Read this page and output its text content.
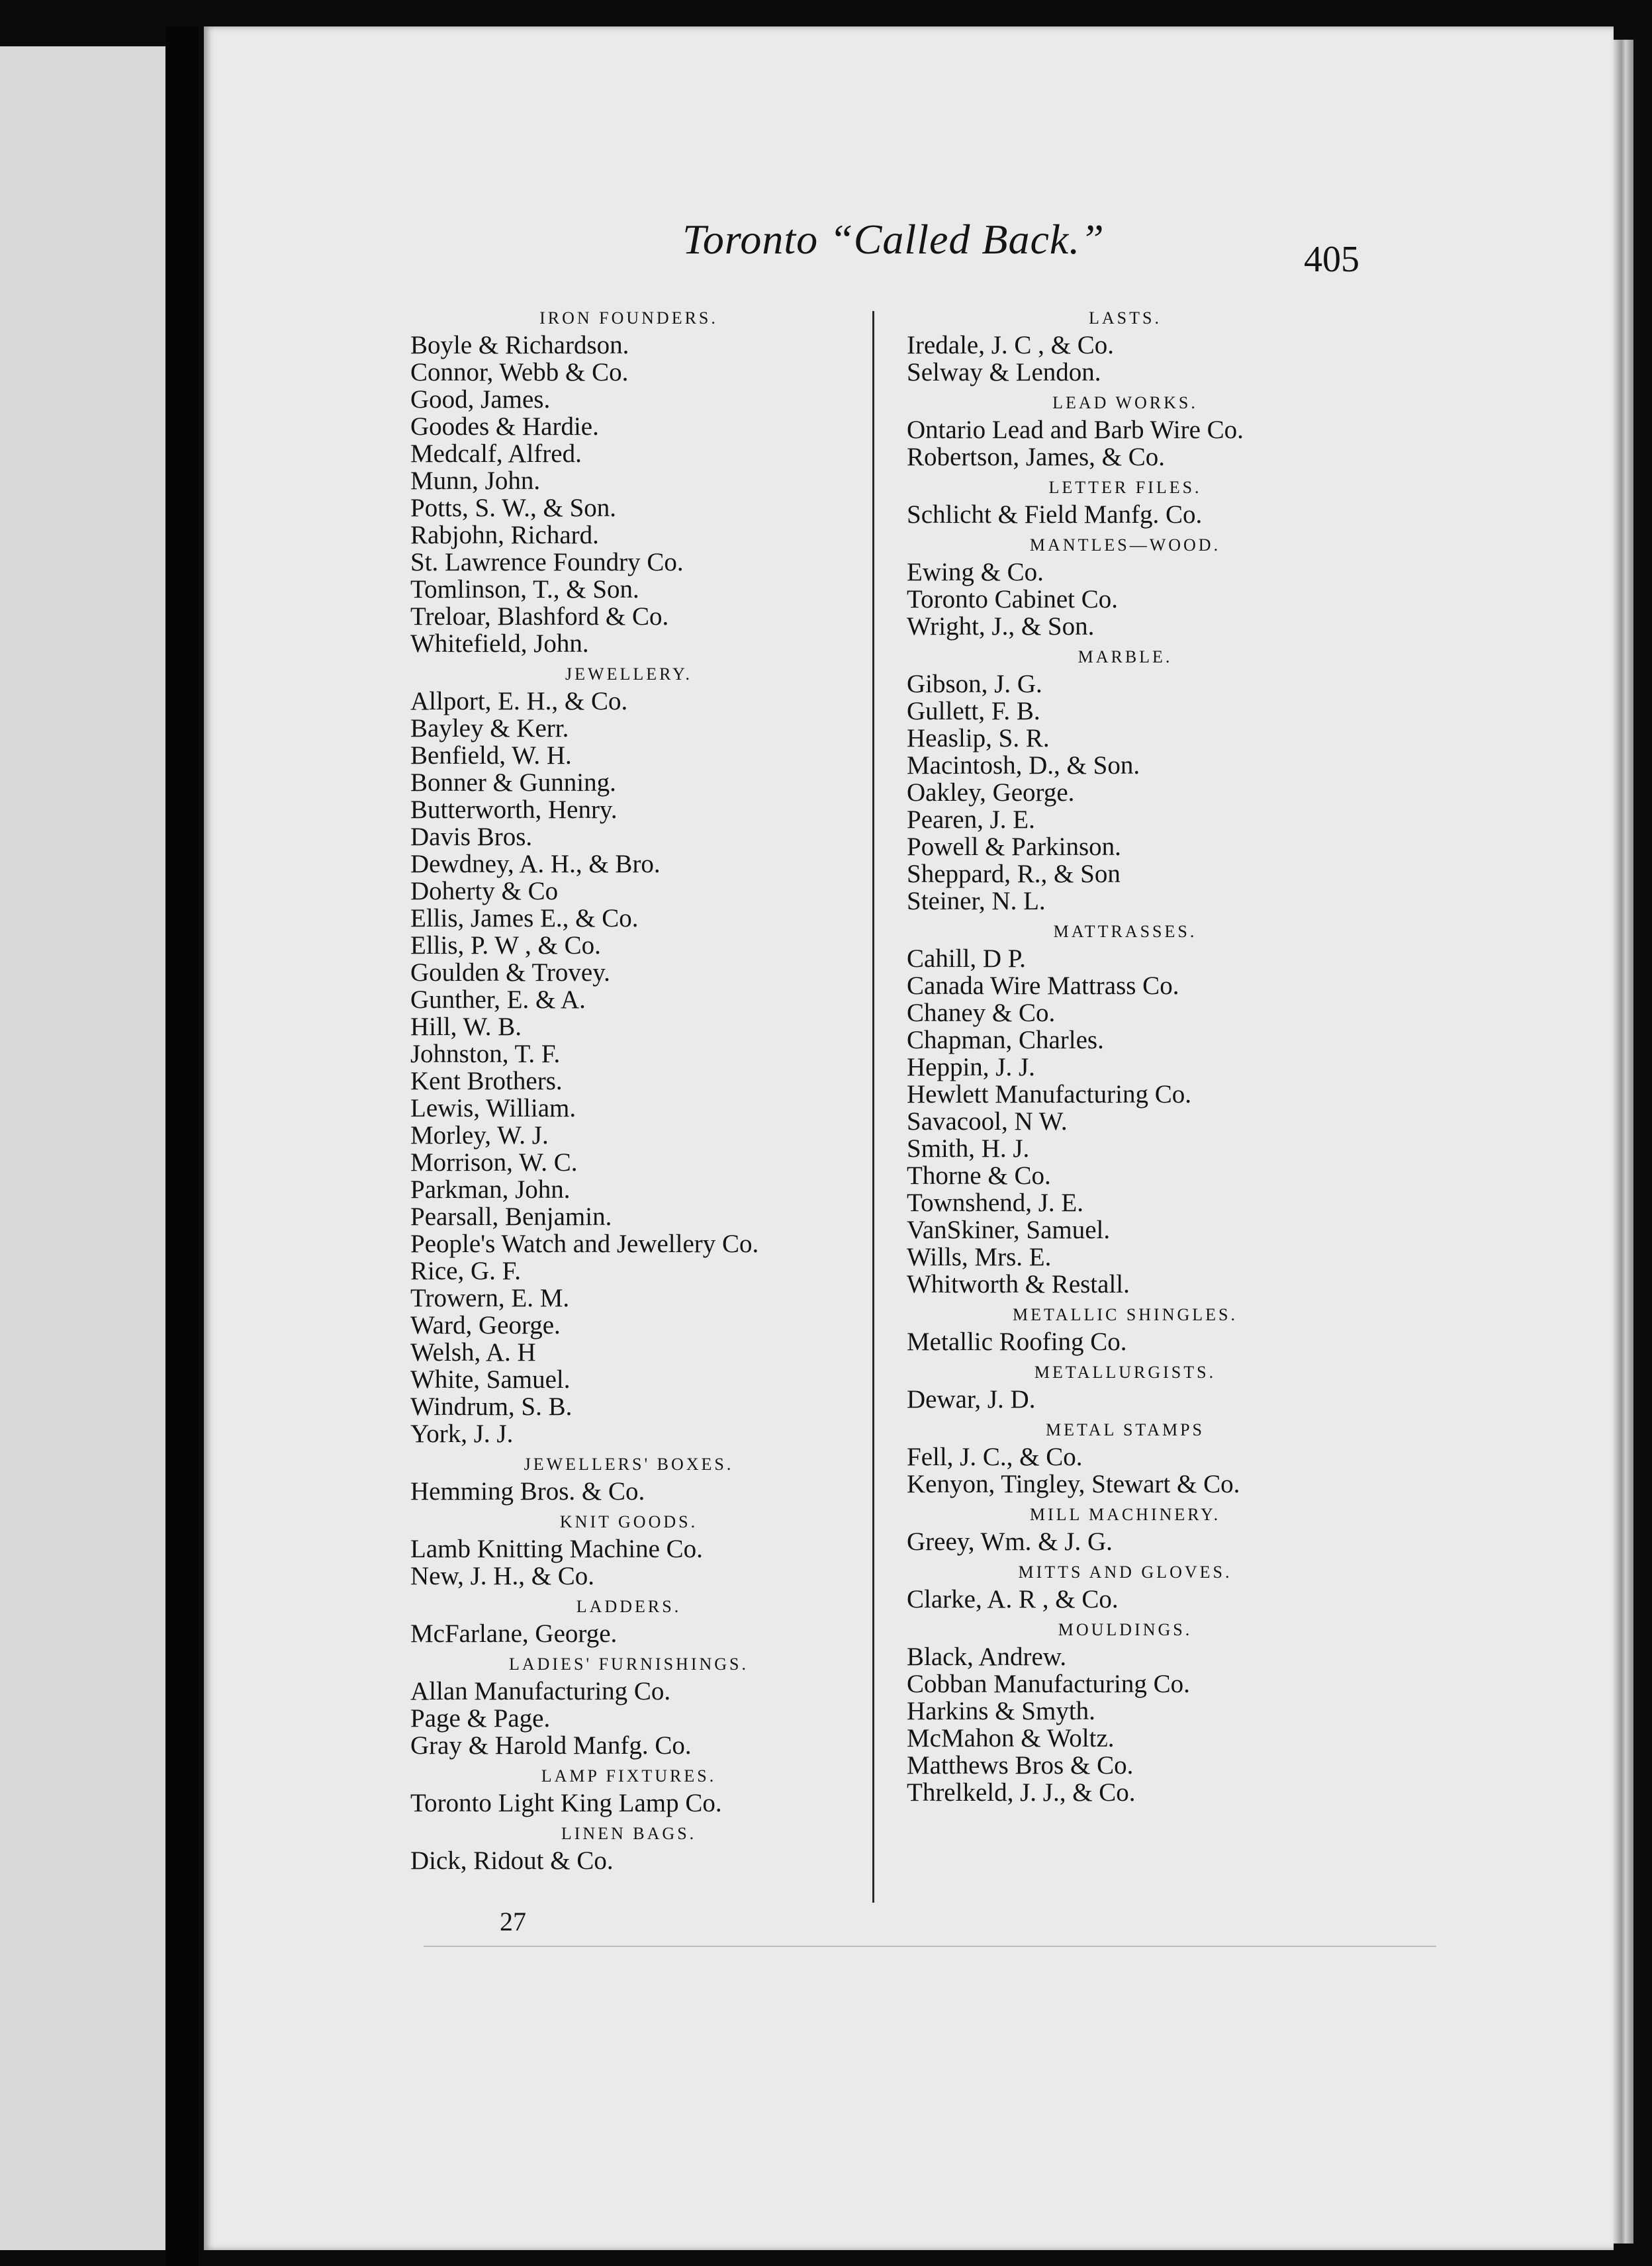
Toronto “Called Back.”	405
IRON FOUNDERS.
Boyle & Richardson.
Connor, Webb & Co.
Good, James.
Goodes & Hardie.
Medcalf, Alfred.
Munn, John.
Potts, S. W., & Son.
Rabjohn, Richard.
St. Lawrence Foundry Co.
Tomlinson, T., & Son.
Treloar, Blashford & Co.
Whitefield, John.
JEWELLERY.
Allport, E. H., & Co.
Bayley & Kerr.
Benfield, W. H.
Bonner & Gunning.
Butterworth, Henry.
Davis Bros.
Dewdney, A. H., & Bro.
Doherty & Co
Ellis, James E., & Co.
Ellis, P. W , & Co.
Goulden & Trovey.
Gunther, E. & A.
Hill, W. B.
Johnston, T. F.
Kent Brothers.
Lewis, William.
Morley, W. J.
Morrison, W. C.
Parkman, John.
Pearsall, Benjamin.
People's Watch and Jewellery Co.
Rice, G. F.
Trowern, E. M.
Ward, George.
Welsh, A. H
White, Samuel.
Windrum, S. B.
York, J. J.
JEWELLERS' BOXES.
Hemming Bros. & Co.
KNIT GOODS.
Lamb Knitting Machine Co.
New, J. H., & Co.
LADDERS.
McFarlane, George.
LADIES' FURNISHINGS.
Allan Manufacturing Co.
Page & Page.
Gray & Harold Manfg. Co.
LAMP FIXTURES.
Toronto Light King Lamp Co.
LINEN BAGS.
Dick, Ridout & Co.
LASTS.
Iredale, J. C , & Co.
Selway & Lendon.
LEAD WORKS.
Ontario Lead and Barb Wire Co.
Robertson, James, & Co.
LETTER FILES.
Schlicht & Field Manfg. Co.
MANTLES—WOOD.
Ewing & Co.
Toronto Cabinet Co.
Wright, J., & Son.
MARBLE.
Gibson, J. G.
Gullett, F. B.
Heaslip, S. R.
Macintosh, D., & Son.
Oakley, George.
Pearen, J. E.
Powell & Parkinson.
Sheppard, R., & Son
Steiner, N. L.
MATTRASSES.
Cahill, D P.
Canada Wire Mattrass Co.
Chaney & Co.
Chapman, Charles.
Heppin, J. J.
Hewlett Manufacturing Co.
Savacool, N W.
Smith, H. J.
Thorne & Co.
Townshend, J. E.
VanSkiner, Samuel.
Wills, Mrs. E.
Whitworth & Restall.
METALLIC SHINGLES.
Metallic Roofing Co.
METALLURGISTS.
Dewar, J. D.
METAL STAMPS
Fell, J. C., & Co.
Kenyon, Tingley, Stewart & Co.
MILL MACHINERY.
Greey, Wm. & J. G.
MITTS AND GLOVES.
Clarke, A. R , & Co.
MOULDINGS.
Black, Andrew.
Cobban Manufacturing Co.
Harkins & Smyth.
McMahon & Woltz.
Matthews Bros & Co.
Threlkeld, J. J., & Co.
27
